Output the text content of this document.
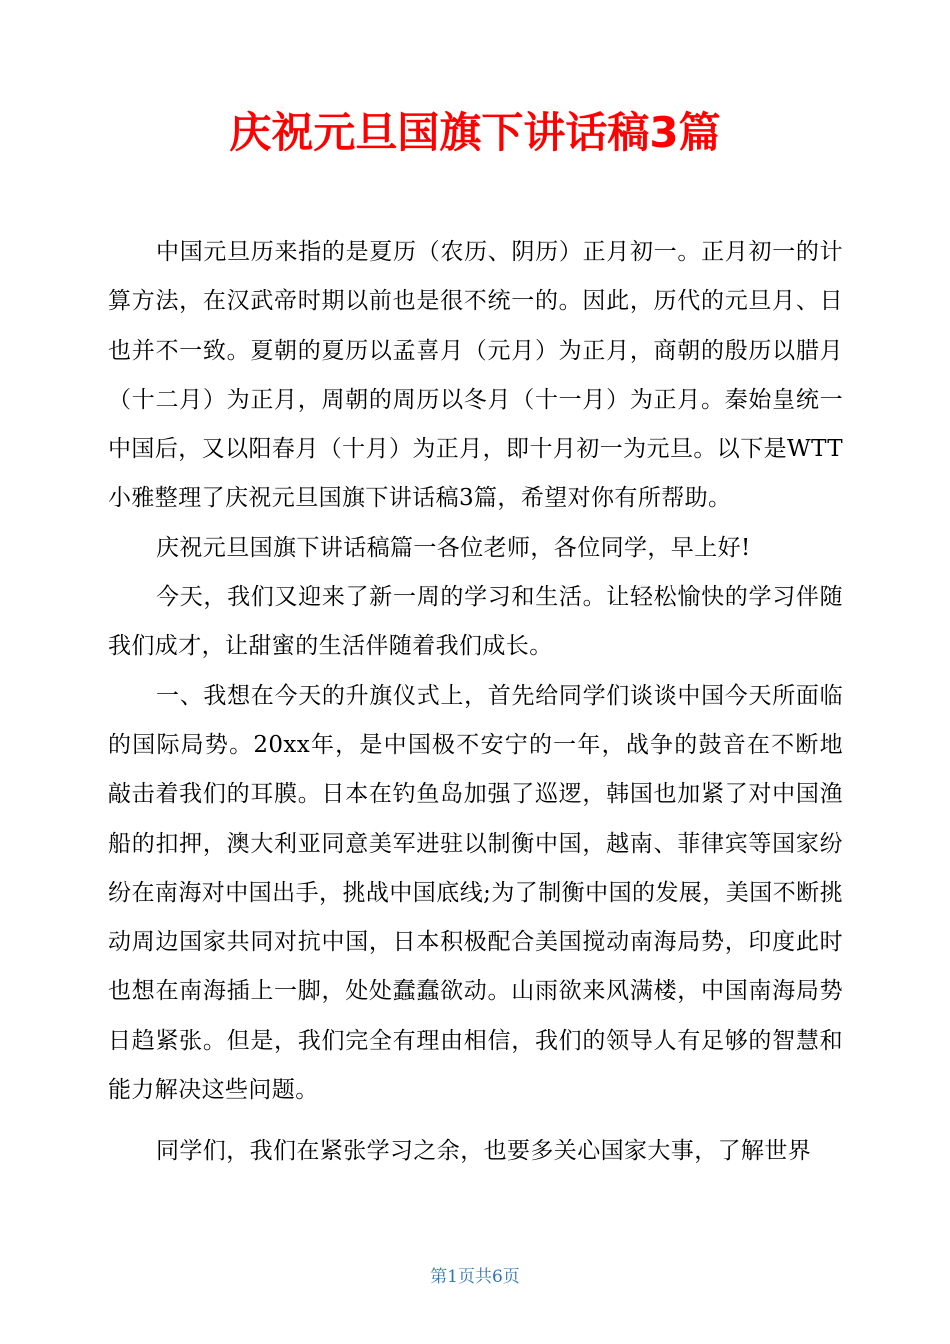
庆祝元旦国旗下讲话稿3篇

中国元旦历来指的是夏历（农历、阴历）正月初一。正月初一的计算方法，在汉武帝时期以前也是很不统一的。因此，历代的元旦月、日也并不一致。夏朝的夏历以孟喜月（元月）为正月，商朝的殷历以腊月（十二月）为正月，周朝的周历以冬月（十一月）为正月。秦始皇统一中国后，又以阳春月（十月）为正月，即十月初一为元旦。以下是WTT小雅整理了庆祝元旦国旗下讲话稿3篇，希望对你有所帮助。

庆祝元旦国旗下讲话稿篇一各位老师，各位同学，早上好!

今天，我们又迎来了新一周的学习和生活。让轻松愉快的学习伴随我们成才，让甜蜜的生活伴随着我们成长。

一、我想在今天的升旗仪式上，首先给同学们谈谈中国今天所面临的国际局势。20xx年，是中国极不安宁的一年，战争的鼓音在不断地敲击着我们的耳膜。日本在钓鱼岛加强了巡逻，韩国也加紧了对中国渔船的扣押，澳大利亚同意美军进驻以制衡中国，越南、菲律宾等国家纷纷在南海对中国出手，挑战中国底线;为了制衡中国的发展，美国不断挑动周边国家共同对抗中国，日本积极配合美国搅动南海局势，印度此时也想在南海插上一脚，处处蠢蠢欲动。山雨欲来风满楼，中国南海局势日趋紧张。但是，我们完全有理由相信，我们的领导人有足够的智慧和能力解决这些问题。

同学们，我们在紧张学习之余，也要多关心国家大事，了解世界

第1页共6页
